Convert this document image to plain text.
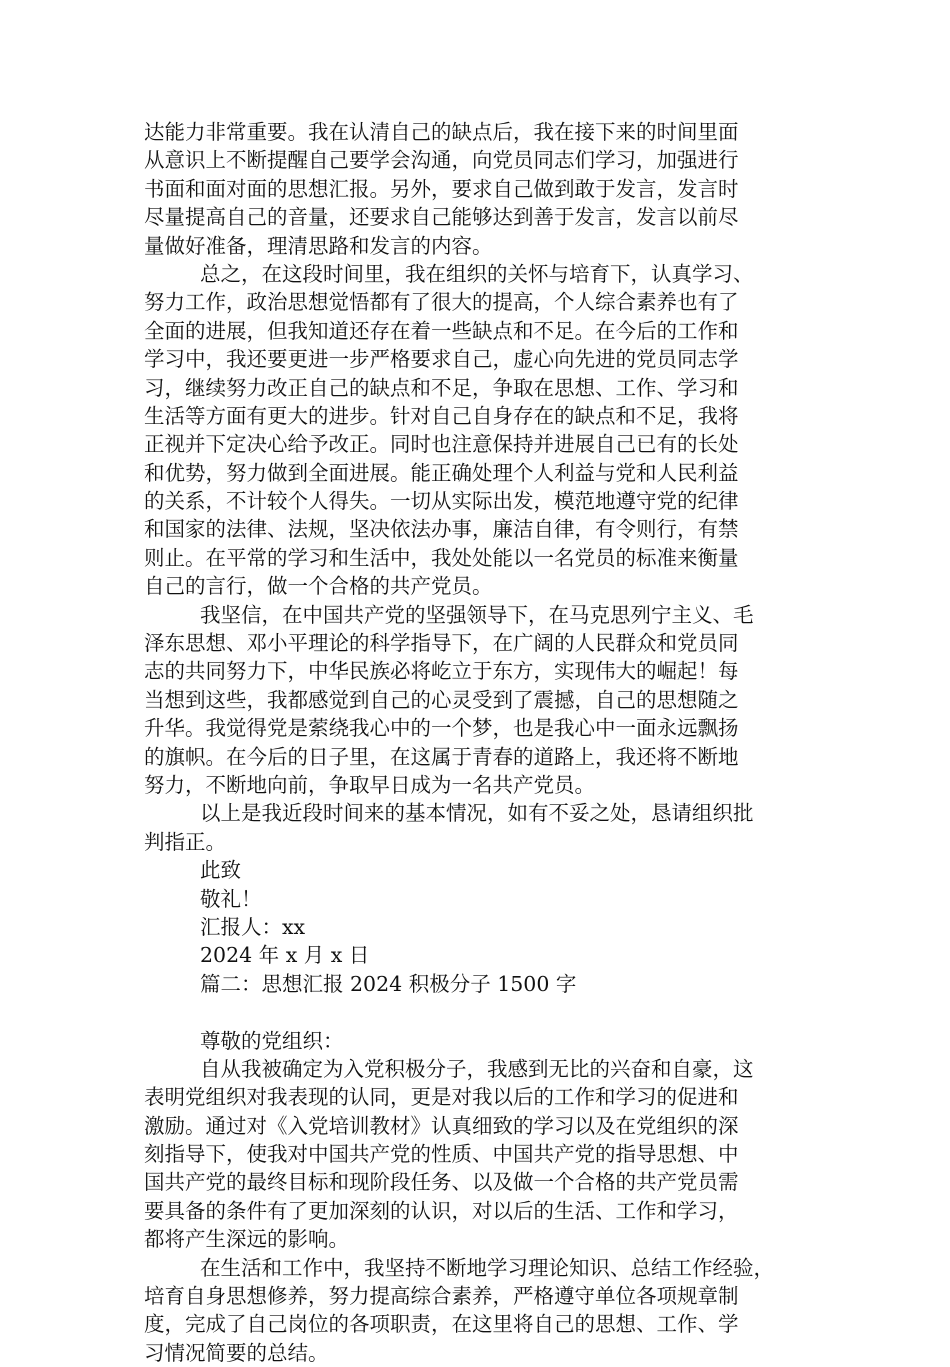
达能力非常重要。我在认清自己的缺点后，我在接下来的时间里面
从意识上不断提醒自己要学会沟通，向党员同志们学习，加强进行
书面和面对面的思想汇报。另外，要求自己做到敢于发言，发言时
尽量提高自己的音量，还要求自己能够达到善于发言，发言以前尽
量做好准备，理清思路和发言的内容。
总之，在这段时间里，我在组织的关怀与培育下，认真学习、
努力工作，政治思想觉悟都有了很大的提高，个人综合素养也有了
全面的进展，但我知道还存在着一些缺点和不足。在今后的工作和
学习中，我还要更进一步严格要求自己，虚心向先进的党员同志学
习，继续努力改正自己的缺点和不足，争取在思想、工作、学习和
生活等方面有更大的进步。针对自己自身存在的缺点和不足，我将
正视并下定决心给予改正。同时也注意保持并进展自己已有的长处
和优势，努力做到全面进展。能正确处理个人利益与党和人民利益
的关系，不计较个人得失。一切从实际出发，模范地遵守党的纪律
和国家的法律、法规，坚决依法办事，廉洁自律，有令则行，有禁
则止。在平常的学习和生活中，我处处能以一名党员的标准来衡量
自己的言行，做一个合格的共产党员。
我坚信，在中国共产党的坚强领导下，在马克思列宁主义、毛
泽东思想、邓小平理论的科学指导下，在广阔的人民群众和党员同
志的共同努力下，中华民族必将屹立于东方，实现伟大的崛起！每
当想到这些，我都感觉到自己的心灵受到了震撼，自己的思想随之
升华。我觉得党是萦绕我心中的一个梦，也是我心中一面永远飘扬
的旗帜。在今后的日子里，在这属于青春的道路上，我还将不断地
努力，不断地向前，争取早日成为一名共产党员。
以上是我近段时间来的基本情况，如有不妥之处，恳请组织批
判指正。
此致
敬礼！
汇报人：xx
2024 年 x 月 x 日
篇二：思想汇报 2024 积极分子 1500 字
尊敬的党组织：
自从我被确定为入党积极分子，我感到无比的兴奋和自豪，这
表明党组织对我表现的认同，更是对我以后的工作和学习的促进和
激励。通过对《入党培训教材》认真细致的学习以及在党组织的深
刻指导下，使我对中国共产党的性质、中国共产党的指导思想、中
国共产党的最终目标和现阶段任务、以及做一个合格的共产党员需
要具备的条件有了更加深刻的认识，对以后的生活、工作和学习，
都将产生深远的影响。
在生活和工作中，我坚持不断地学习理论知识、总结工作经验，
培育自身思想修养，努力提高综合素养，严格遵守单位各项规章制
度，完成了自己岗位的各项职责，在这里将自己的思想、工作、学
习情况简要的总结。
